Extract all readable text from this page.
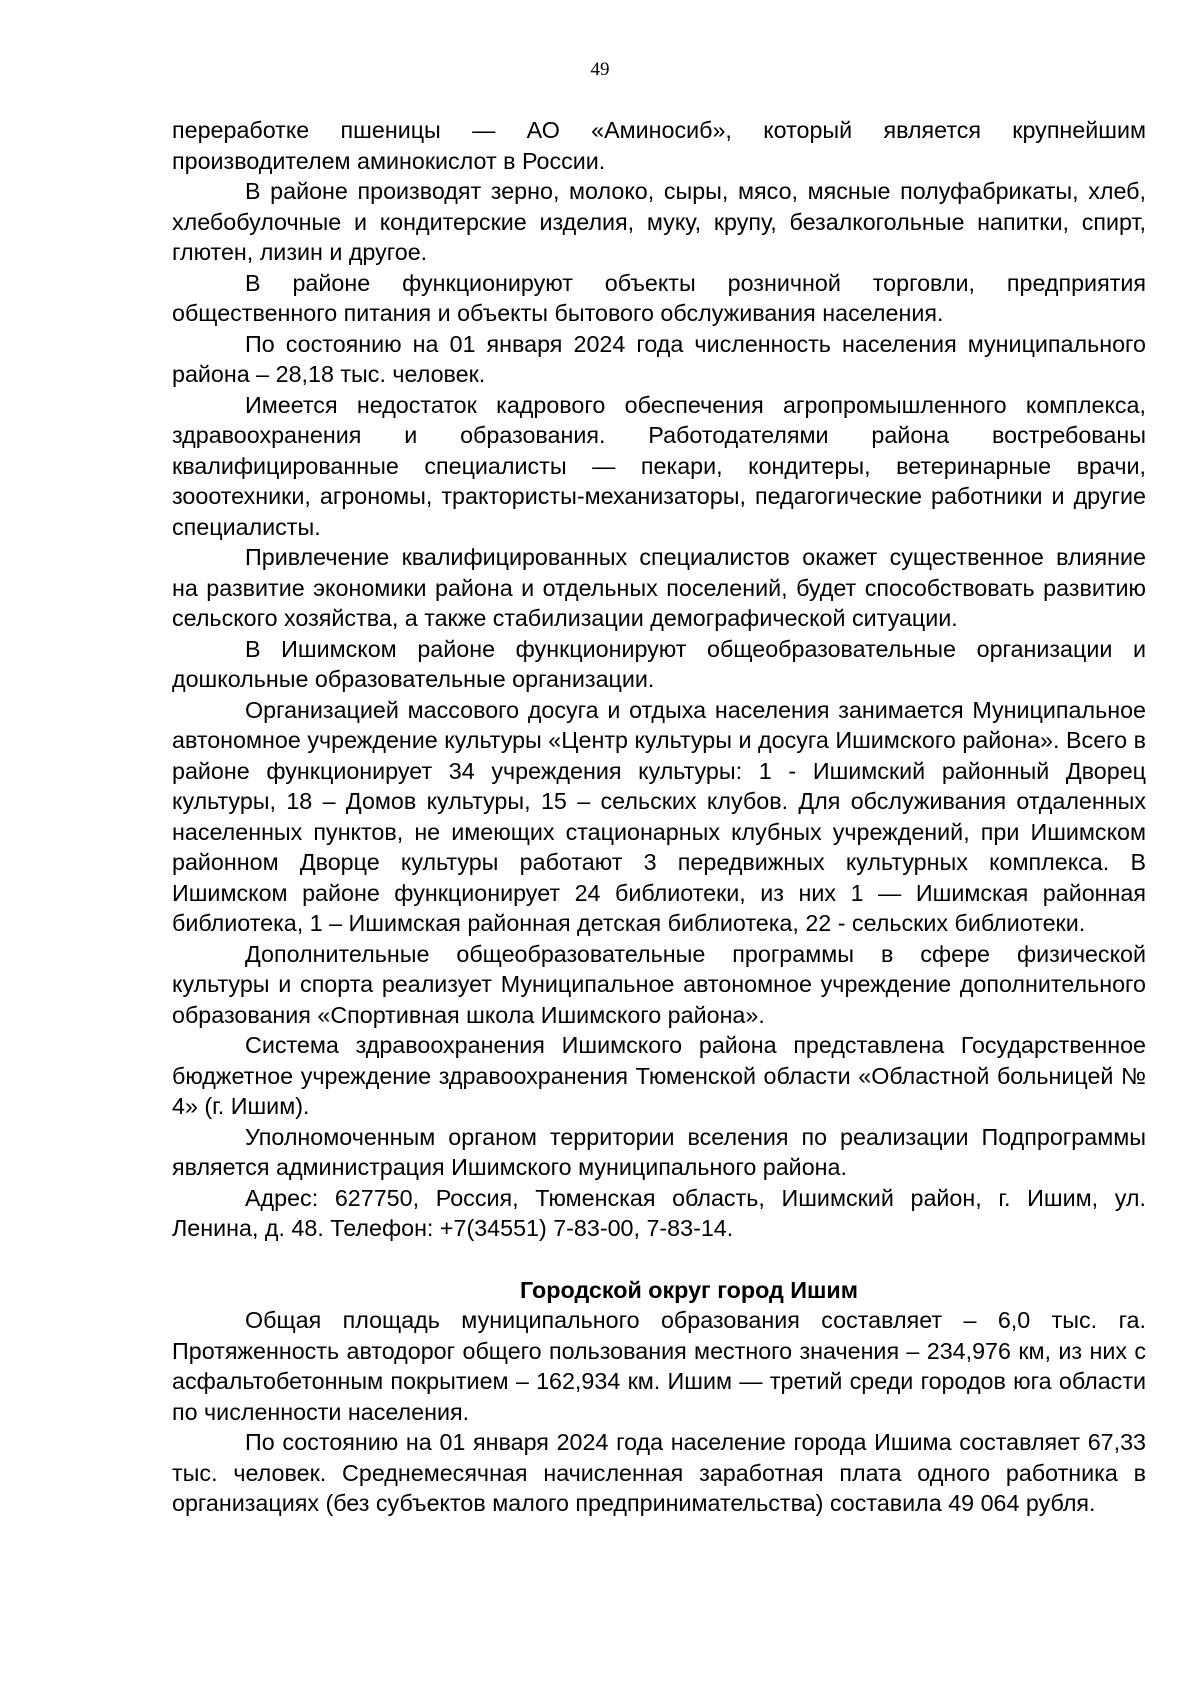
49

переработке пшеницы — АО «Аминосиб», который является крупнейшим производителем аминокислот в России.

В районе производят зерно, молоко, сыры, мясо, мясные полуфабрикаты, хлеб, хлебобулочные и кондитерские изделия, муку, крупу, безалкогольные напитки, спирт, глютен, лизин и другое.

В районе функционируют объекты розничной торговли, предприятия общественного питания и объекты бытового обслуживания населения.

По состоянию на 01 января 2024 года численность населения муниципального района – 28,18 тыс. человек.

Имеется недостаток кадрового обеспечения агропромышленного комплекса, здравоохранения и образования. Работодателями района востребованы квалифицированные специалисты — пекари, кондитеры, ветеринарные врачи, зооотехники, агрономы, трактористы-механизаторы, педагогические работники и другие специалисты.

Привлечение квалифицированных специалистов окажет существенное влияние на развитие экономики района и отдельных поселений, будет способствовать развитию сельского хозяйства, а также стабилизации демографической ситуации.

В Ишимском районе функционируют общеобразовательные организации и дошкольные образовательные организации.

Организацией массового досуга и отдыха населения занимается Муниципальное автономное учреждение культуры «Центр культуры и досуга Ишимского района». Всего в районе функционирует 34 учреждения культуры: 1 - Ишимский районный Дворец культуры, 18 – Домов культуры, 15 – сельских клубов. Для обслуживания отдаленных населенных пунктов, не имеющих стационарных клубных учреждений, при Ишимском районном Дворце культуры работают 3 передвижных культурных комплекса. В Ишимском районе функционирует 24 библиотеки, из них 1 — Ишимская районная библиотека, 1 – Ишимская районная детская библиотека, 22 - сельских библиотеки.

Дополнительные общеобразовательные программы в сфере физической культуры и спорта реализует Муниципальное автономное учреждение дополнительного образования «Спортивная школа Ишимского района».

Система здравоохранения Ишимского района представлена Государственное бюджетное учреждение здравоохранения Тюменской области «Областной больницей № 4» (г. Ишим).

Уполномоченным органом территории вселения по реализации Подпрограммы является администрация Ишимского муниципального района.

Адрес: 627750, Россия, Тюменская область, Ишимский район, г. Ишим, ул. Ленина, д. 48. Телефон: +7(34551) 7-83-00, 7-83-14.

Городской округ город Ишим

Общая площадь муниципального образования составляет – 6,0 тыс. га. Протяженность автодорог общего пользования местного значения – 234,976 км, из них с асфальтобетонным покрытием – 162,934 км. Ишим — третий среди городов юга области по численности населения.

По состоянию на 01 января 2024 года население города Ишима составляет 67,33 тыс. человек. Среднемесячная начисленная заработная плата одного работника в организациях (без субъектов малого предпринимательства) составила 49 064 рубля.
